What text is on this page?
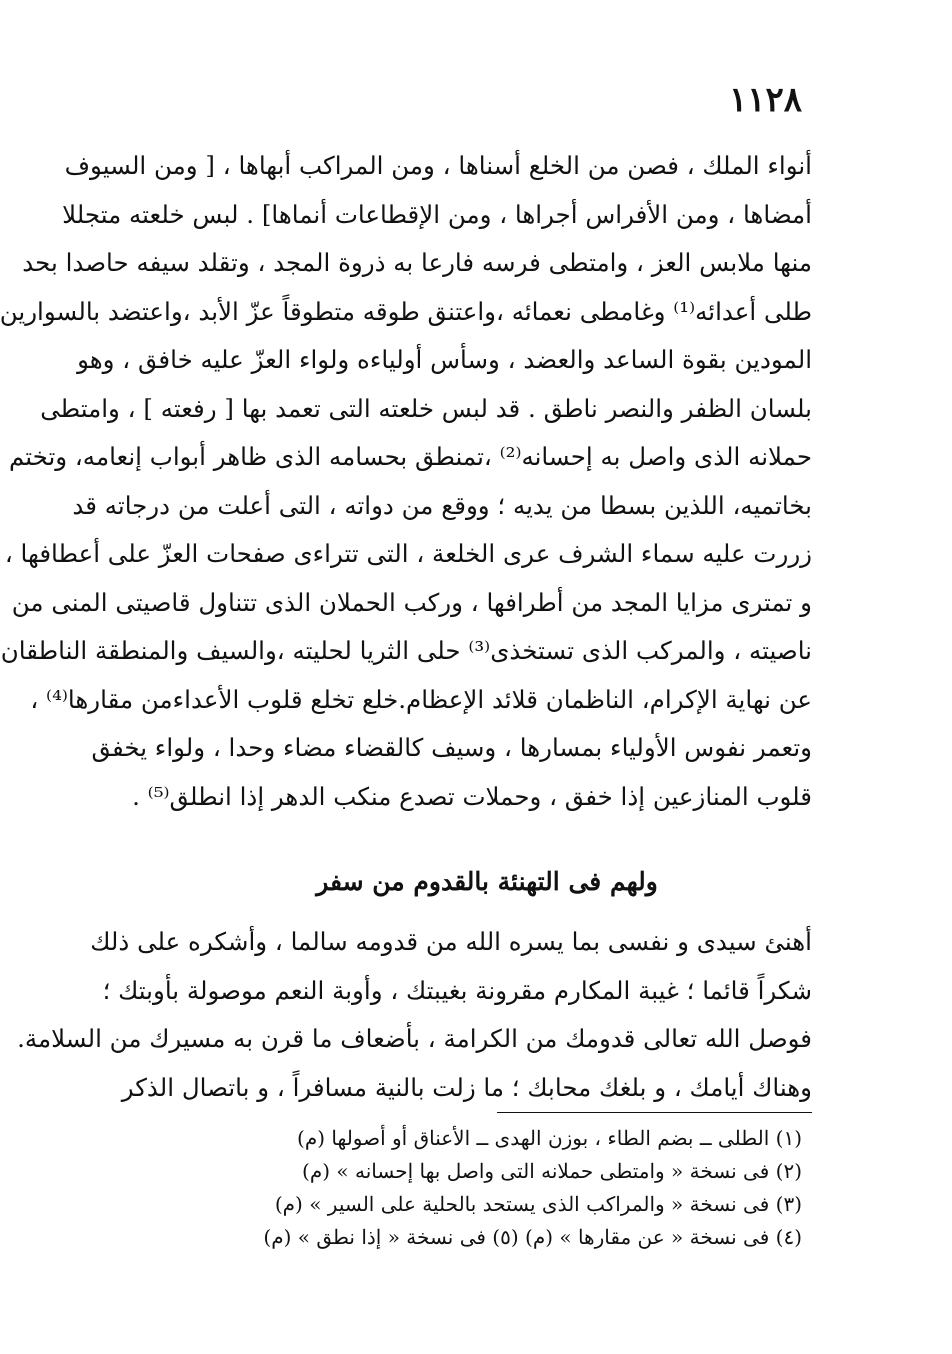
١١٢٨
أنواء الملك ، فصن من الخلع أسناها ، ومن المراكب أبهاها ، [ ومن السيوف
أمضاها ، ومن الأفراس أجراها ، ومن الإقطاعات أنماها] . لبس خلعته متجللا
منها ملابس العز ، وامتطى فرسه فارعا به ذروة المجد ، وتقلد سيفه حاصدا بحد
طلى أعدائه⁽¹⁾ وغامطى نعمائه ،واعتنق طوقه متطوقاً عزّ الأبد ،واعتضد بالسوارين
المودين بقوة الساعد والعضد ، وسأس أولياءه ولواء العزّ عليه خافق ، وهو
بلسان الظفر والنصر ناطق . قد لبس خلعته التى تعمد بها [ رفعته ] ، وامتطى
حملانه الذى واصل به إحسانه⁽²⁾ ،تمنطق بحسامه الذى ظاهر أبواب إنعامه، وتختم
بخاتميه، اللذين بسطا من يديه ؛ ووقع من دواته ، التى أعلت من درجاته قد
زررت عليه سماء الشرف عرى الخلعة ، التى تتراءى صفحات العزّ على أعطافها ،
و تمترى مزايا المجد من أطرافها ، وركب الحملان الذى تتناول قاصيتى المنى من
ناصيته ، والمركب الذى تستخذى⁽³⁾ حلى الثريا لحليته ،والسيف والمنطقة الناطقان
عن نهاية الإكرام، الناظمان قلائد الإعظام.خلع تخلع قلوب الأعداءمن مقارها⁽⁴⁾ ،
وتعمر نفوس الأولياء بمسارها ، وسيف كالقضاء مضاء وحدا ، ولواء يخفق
قلوب المنازعين إذا خفق ، وحملات تصدع منكب الدهر إذا انطلق⁽⁵⁾ .
ولهم فى التهنئة بالقدوم من سفر
أهنئ سيدى و نفسى بما يسره الله من قدومه سالما ، وأشكره على ذلك
شكراً قائما ؛ غيبة المكارم مقرونة بغيبتك ، وأوبة النعم موصولة بأوبتك ؛
فوصل الله تعالى قدومك من الكرامة ، بأضعاف ما قرن به مسيرك من السلامة.
وهناك أيامك ، و بلغك محابك ؛ ما زلت بالنية مسافراً ، و باتصال الذكر
(١) الطلى ــ بضم الطاء ، بوزن الهدى ــ الأعناق أو أصولها (م)
(٢) فى نسخة « وامتطى حملانه التى واصل بها إحسانه » (م)
(٣) فى نسخة « والمراكب الذى يستحد بالحلية على السير » (م)
(٤) فى نسخة « عن مقارها » (م) (٥) فى نسخة « إذا نطق » (م)
